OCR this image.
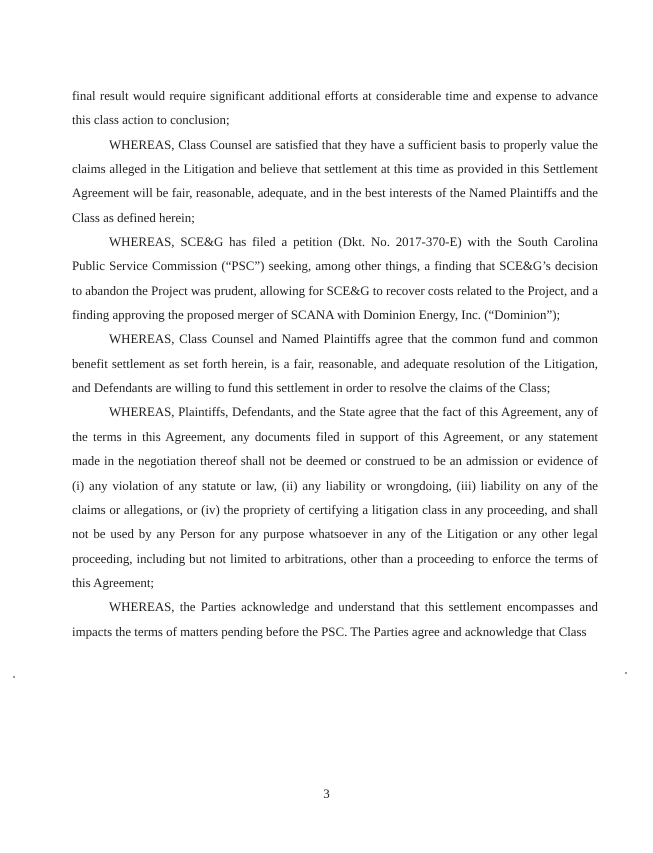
final result would require significant additional efforts at considerable time and expense to advance this class action to conclusion;

WHEREAS, Class Counsel are satisfied that they have a sufficient basis to properly value the claims alleged in the Litigation and believe that settlement at this time as provided in this Settlement Agreement will be fair, reasonable, adequate, and in the best interests of the Named Plaintiffs and the Class as defined herein;

WHEREAS, SCE&G has filed a petition (Dkt. No. 2017-370-E) with the South Carolina Public Service Commission (“PSC”) seeking, among other things, a finding that SCE&G’s decision to abandon the Project was prudent, allowing for SCE&G to recover costs related to the Project, and a finding approving the proposed merger of SCANA with Dominion Energy, Inc. (“Dominion”);

WHEREAS, Class Counsel and Named Plaintiffs agree that the common fund and common benefit settlement as set forth herein, is a fair, reasonable, and adequate resolution of the Litigation, and Defendants are willing to fund this settlement in order to resolve the claims of the Class;

WHEREAS, Plaintiffs, Defendants, and the State agree that the fact of this Agreement, any of the terms in this Agreement, any documents filed in support of this Agreement, or any statement made in the negotiation thereof shall not be deemed or construed to be an admission or evidence of (i) any violation of any statute or law, (ii) any liability or wrongdoing, (iii) liability on any of the claims or allegations, or (iv) the propriety of certifying a litigation class in any proceeding, and shall not be used by any Person for any purpose whatsoever in any of the Litigation or any other legal proceeding, including but not limited to arbitrations, other than a proceeding to enforce the terms of this Agreement;

WHEREAS, the Parties acknowledge and understand that this settlement encompasses and impacts the terms of matters pending before the PSC. The Parties agree and acknowledge that Class

3
